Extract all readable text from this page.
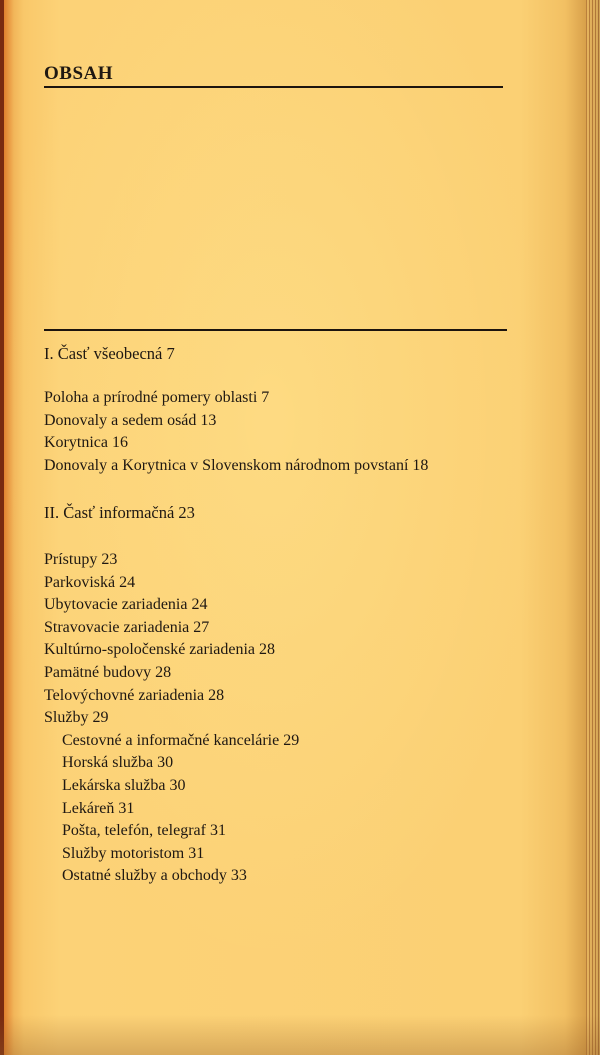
OBSAH

I. Časť všeobecná 7

Poloha a prírodné pomery oblasti 7
Donovaly a sedem osád 13
Korytnica 16
Donovaly a Korytnica v Slovenskom národnom povstaní 18

II. Časť informačná 23

Prístupy 23
Parkoviská 24
Ubytovacie zariadenia 24
Stravovacie zariadenia 27
Kultúrno-spoločenské zariadenia 28
Pamätné budovy 28
Telovýchovné zariadenia 28
Služby 29
Cestovné a informačné kancelárie 29
Horská služba 30
Lekárska služba 30
Lekáreň 31
Pošta, telefón, telegraf 31
Služby motoristom 31
Ostatné služby a obchody 33
